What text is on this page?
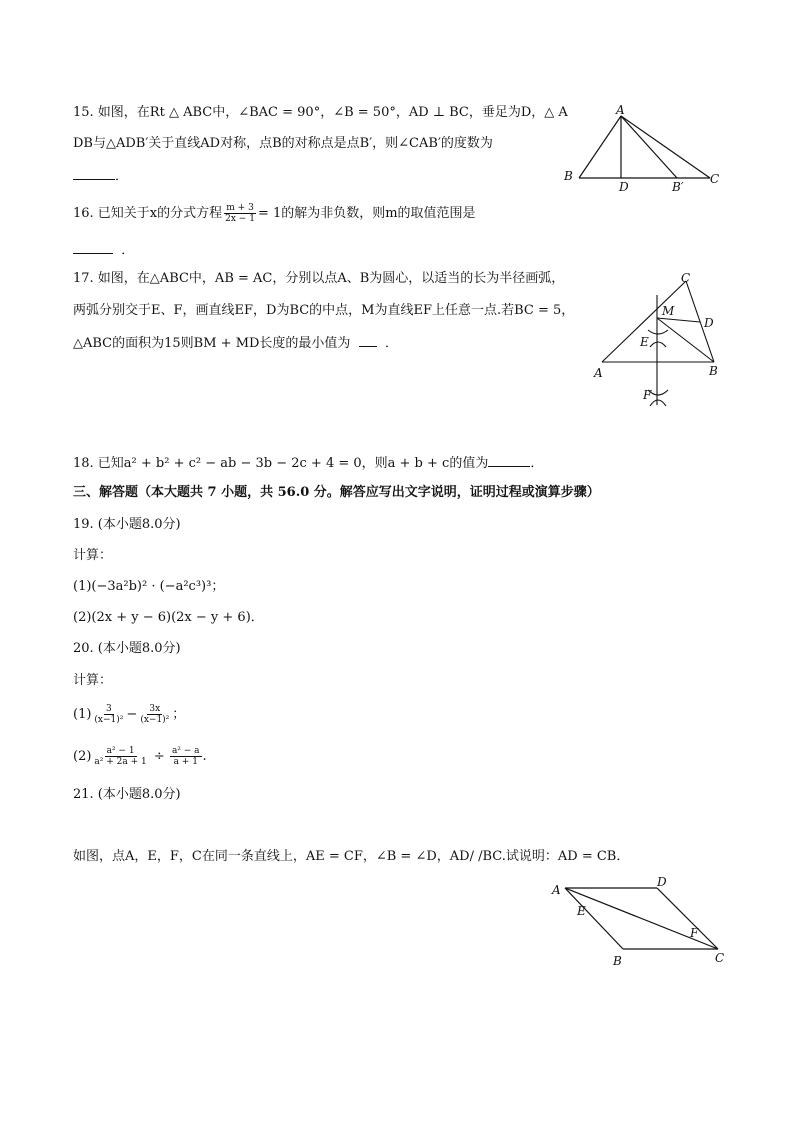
15. 如图，在Rt △ ABC中，∠BAC = 90°，∠B = 50°，AD ⊥ BC，垂足为D，△ A
DB与△ADB′关于直线AD对称，点B的对称点是点B′，则∠CAB′的度数为
．
A
B
D	B′
C
16. 已知关于x的分式方程 $\frac{m + 3}{2x - 1} = 1$的解为非负数，则m的取值范围是
．
17. 如图，在△ABC中，AB = AC，分别以点A、B为圆心，以适当的长为半径画弧，
两弧分别交于E、F，画直线EF，D为BC的中点，M为直线EF上任意一点.若BC = 5，
△ABC的面积为15则BM + MD长度的最小值为	．
C
M
D
E
A	B
F
18. 已知a² + b² + c² − ab − 3b − 2c + 4 = 0，则a + b + c的值为	．
三、解答题（本大题共 7 小题，共 56.0 分。解答应写出文字说明，证明过程或演算步骤）
19. (本小题8.0分)
计算：
(1)(−3a²b)² · (−a²c³)³；
(2)(2x + y − 6)(2x − y + 6)．
20. (本小题8.0分)
计算：
$(1) \frac{3}{\text{(x−1)²}} - \frac{3x}{\text{(x−1)²}}$ ；
$(2) \frac{\text{a² − 1}}{\text{a² + 2a + 1}} \div \frac{\text{a² − a}}{a + 1}$ .
21. (本小题8.0分)
如图，点A，E，F，C在同一条直线上，AE = CF，∠B = ∠D，AD/ /BC.试说明：AD = CB．
A
D
E
F
B	C
